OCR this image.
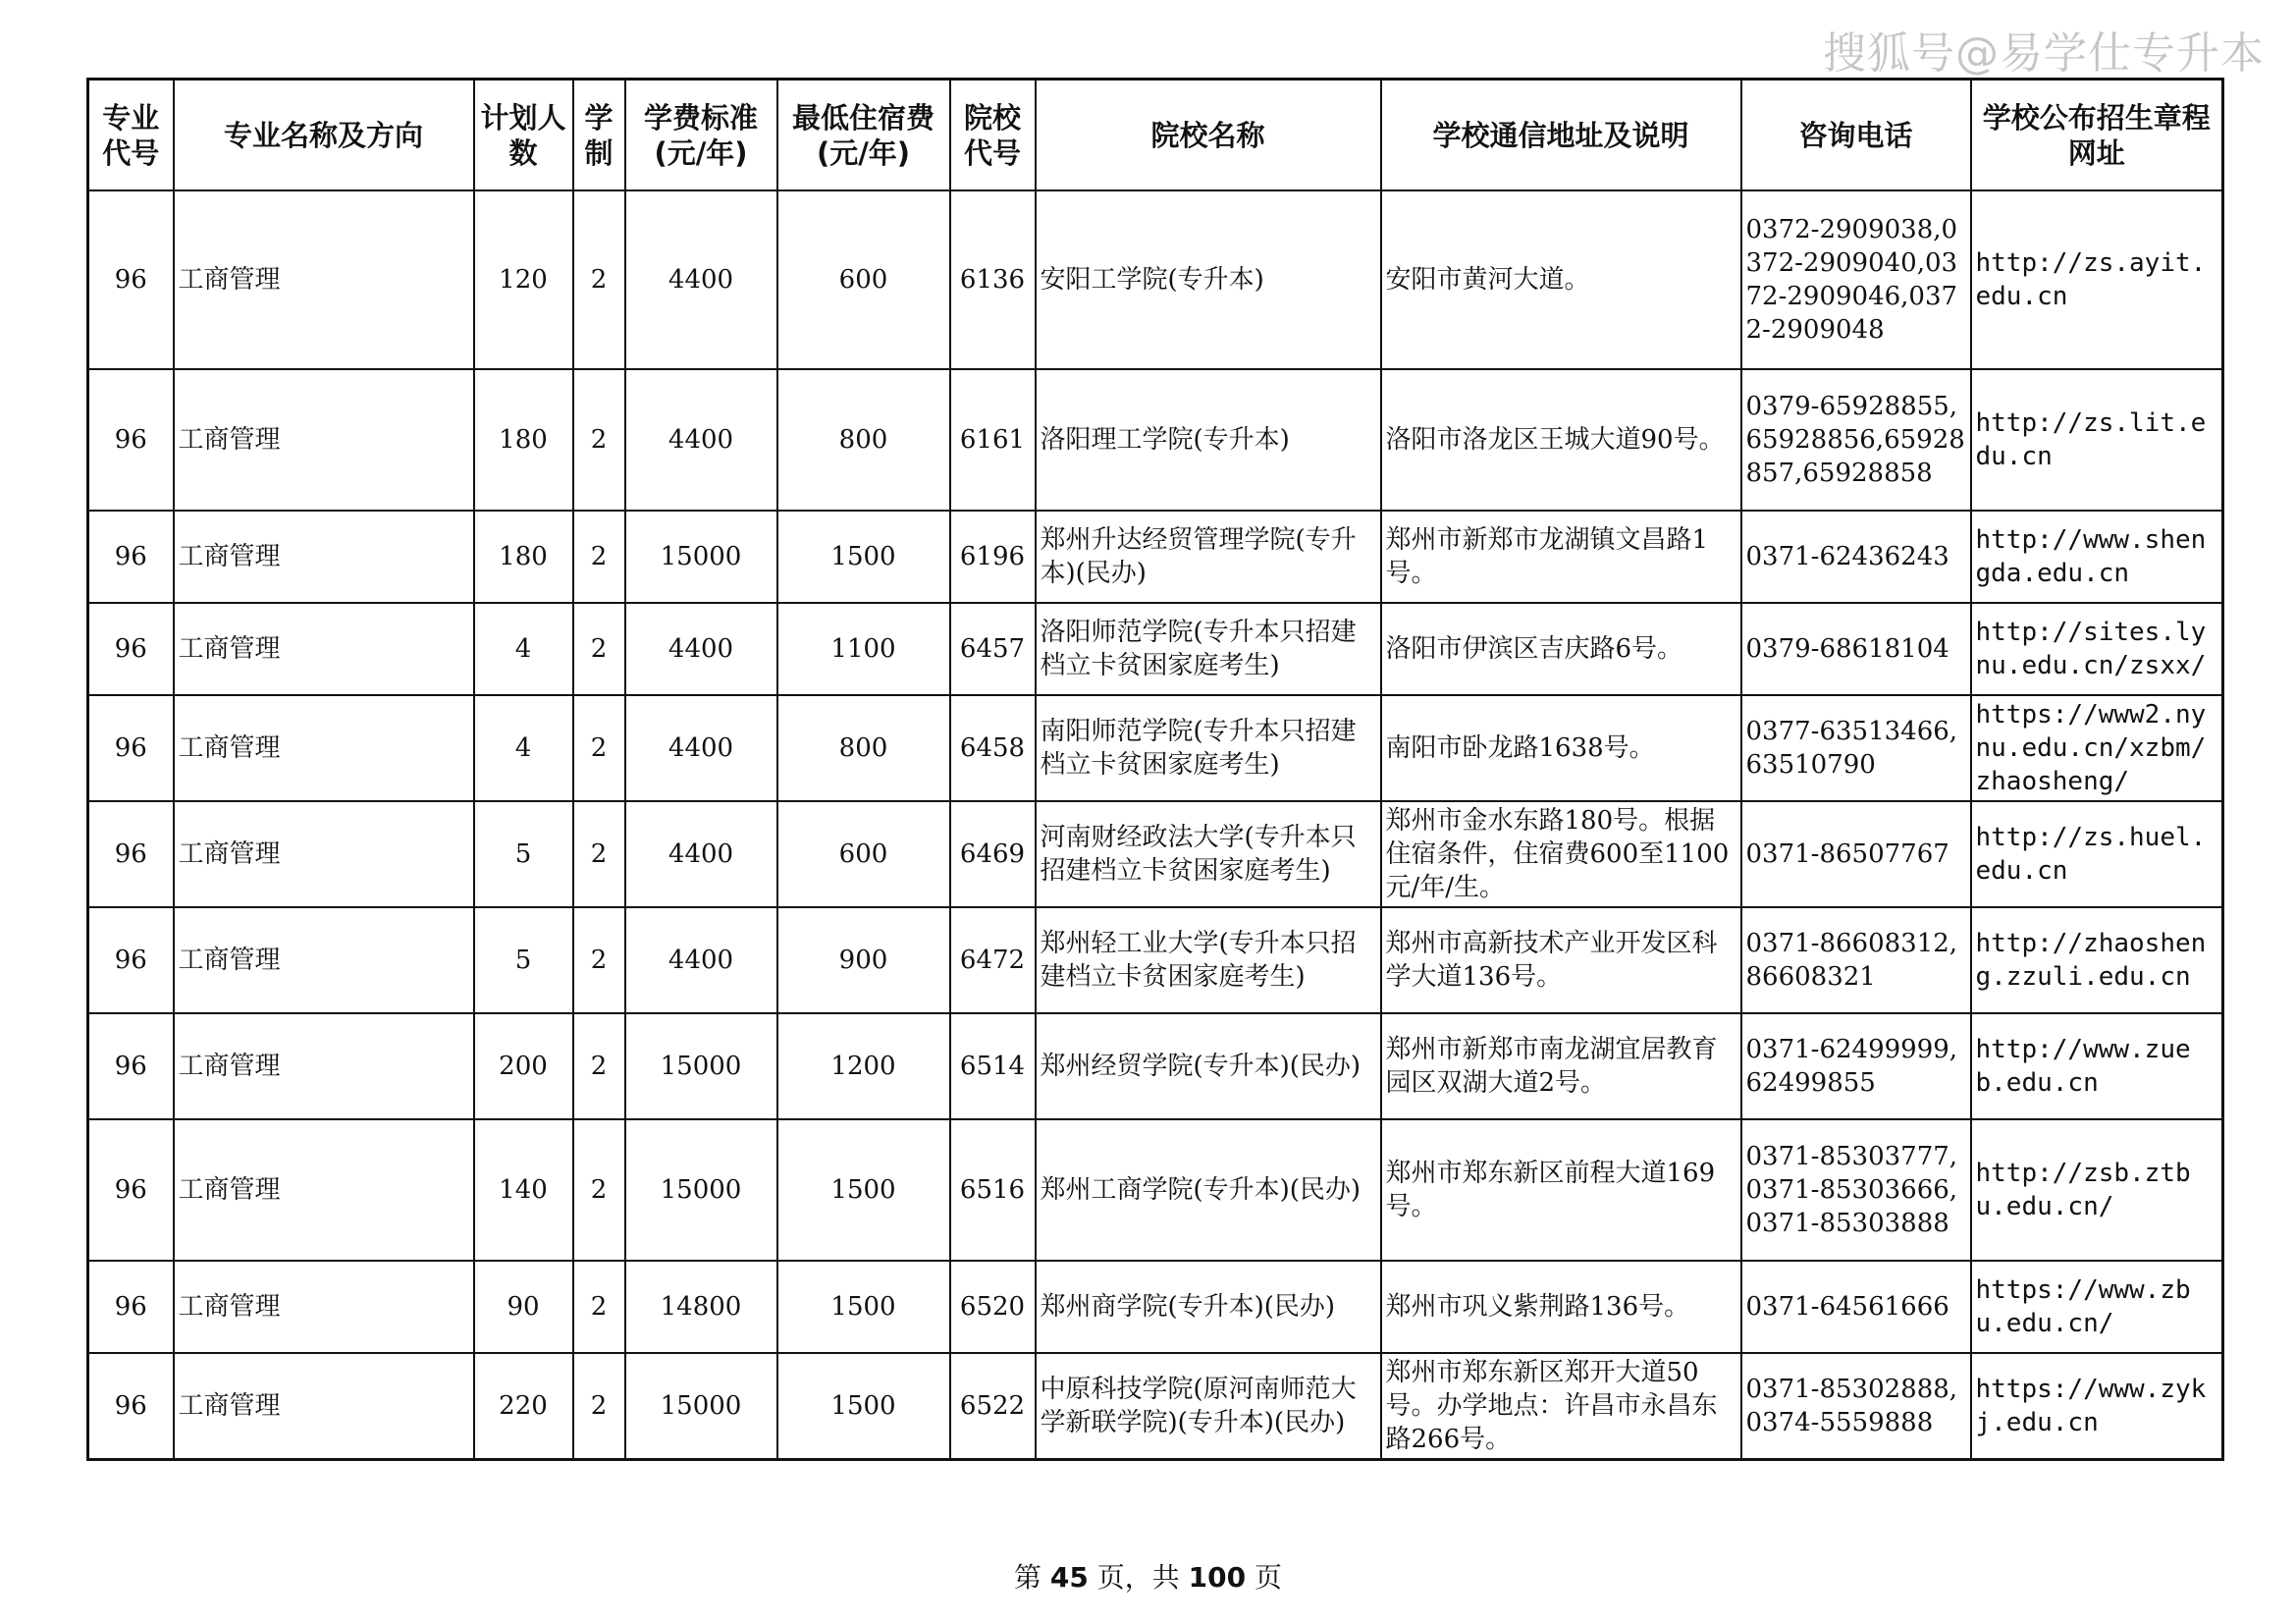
搜狐号@易学仕专升本
专业代号	专业名称及方向	计划人数	学制	学费标准(元/年)	最低住宿费(元/年)	院校代号	院校名称	学校通信地址及说明	咨询电话	学校公布招生章程网址
96	工商管理	120	2	4400	600	6136	安阳工学院(专升本)	安阳市黄河大道。	0372-2909038,0372-2909040,0372-2909046,0372-2909048	http://zs.ayit.edu.cn
96	工商管理	180	2	4400	800	6161	洛阳理工学院(专升本)	洛阳市洛龙区王城大道90号。	0379-65928855,65928856,65928857,65928858	http://zs.lit.edu.cn
96	工商管理	180	2	15000	1500	6196	郑州升达经贸管理学院(专升本)(民办)	郑州市新郑市龙湖镇文昌路1号。	0371-62436243	http://www.shengda.edu.cn
96	工商管理	4	2	4400	1100	6457	洛阳师范学院(专升本只招建档立卡贫困家庭考生)	洛阳市伊滨区吉庆路6号。	0379-68618104	http://sites.lynu.edu.cn/zsxx/
96	工商管理	4	2	4400	800	6458	南阳师范学院(专升本只招建档立卡贫困家庭考生)	南阳市卧龙路1638号。	0377-63513466,63510790	https://www2.nynu.edu.cn/xzbm/zhaosheng/
96	工商管理	5	2	4400	600	6469	河南财经政法大学(专升本只招建档立卡贫困家庭考生)	郑州市金水东路180号。根据住宿条件，住宿费600至1100元/年/生。	0371-86507767	http://zs.huel.edu.cn
96	工商管理	5	2	4400	900	6472	郑州轻工业大学(专升本只招建档立卡贫困家庭考生)	郑州市高新技术产业开发区科学大道136号。	0371-86608312,86608321	http://zhaosheng.zzuli.edu.cn
96	工商管理	200	2	15000	1200	6514	郑州经贸学院(专升本)(民办)	郑州市新郑市南龙湖宜居教育园区双湖大道2号。	0371-62499999,62499855	http://www.zueb.edu.cn
96	工商管理	140	2	15000	1500	6516	郑州工商学院(专升本)(民办)	郑州市郑东新区前程大道169号。	0371-85303777,0371-85303666,0371-85303888	http://zsb.ztbu.edu.cn/
96	工商管理	90	2	14800	1500	6520	郑州商学院(专升本)(民办)	郑州市巩义紫荆路136号。	0371-64561666	https://www.zbu.edu.cn/
96	工商管理	220	2	15000	1500	6522	中原科技学院(原河南师范大学新联学院)(专升本)(民办)	郑州市郑东新区郑开大道50号。办学地点：许昌市永昌东路266号。	0371-85302888,0374-5559888	https://www.zykj.edu.cn
第 45 页，共 100 页
